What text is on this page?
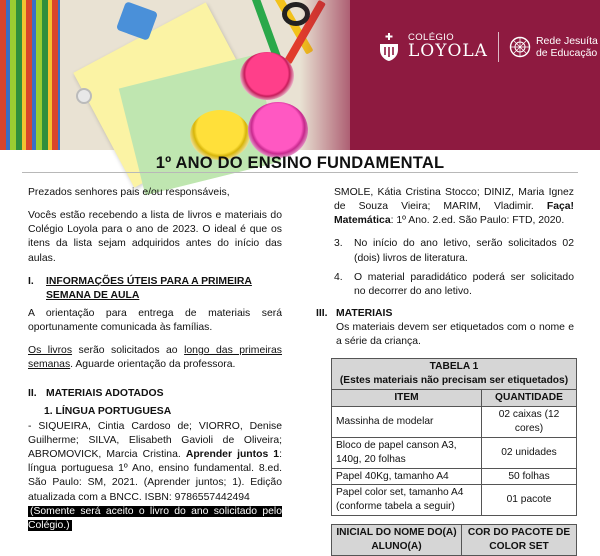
COLÉGIO
LOYOLA
Rede Jesuíta
de Educação
1º ANO DO ENSINO FUNDAMENTAL

Prezados senhores pais e/ou responsáveis,

Vocês estão recebendo a lista de livros e materiais do Colégio Loyola para o ano de 2023. O ideal é que os itens da lista sejam adquiridos antes do início das aulas.

I.	INFORMAÇÕES ÚTEIS PARA A PRIMEIRA SEMANA DE AULA

A orientação para entrega de materiais será oportunamente comunicada às famílias.

Os livros serão solicitados ao longo das primeiras semanas. Aguarde orientação da professora.

II. MATERIAIS ADOTADOS
1. LÍNGUA PORTUGUESA

- SIQUEIRA, Cintia Cardoso de; VIORRO, Denise Guilherme; SILVA, Elisabeth Gavioli de Oliveira; ABROMOVICK, Marcia Cristina. Aprender juntos 1: língua portuguesa 1º Ano, ensino fundamental. 8.ed. São Paulo: SM, 2021. (Aprender juntos; 1). Edição atualizada com a BNCC. ISBN: 9786557442494

(Somente será aceito o livro do ano solicitado pelo Colégio.)

SMOLE, Kátia Cristina Stocco; DINIZ, Maria Ignez de Souza Vieira; MARIM, Vladimir. Faça! Matemática: 1º Ano. 2.ed. São Paulo: FTD, 2020.

3.	No início do ano letivo, serão solicitados 02 (dois) livros de literatura.
4.	O material paradidático poderá ser solicitado no decorrer do ano letivo.
III. MATERIAIS

Os materiais devem ser etiquetados com o nome e a série da criança.

TABELA 1
(Estes materiais não precisam ser etiquetados)	

ITEM	QUANTIDADE
Massinha de modelar	02 caixas (12 cores)
Bloco de papel canson A3, 140g, 20 folhas	02 unidades
Papel 40Kg, tamanho A4	50 folhas
Papel color set, tamanho A4 (conforme tabela a seguir)	01 pacote
INICIAL DO NOME DO(A) ALUNO(A)	COR DO PACOTE DE COLOR SET
